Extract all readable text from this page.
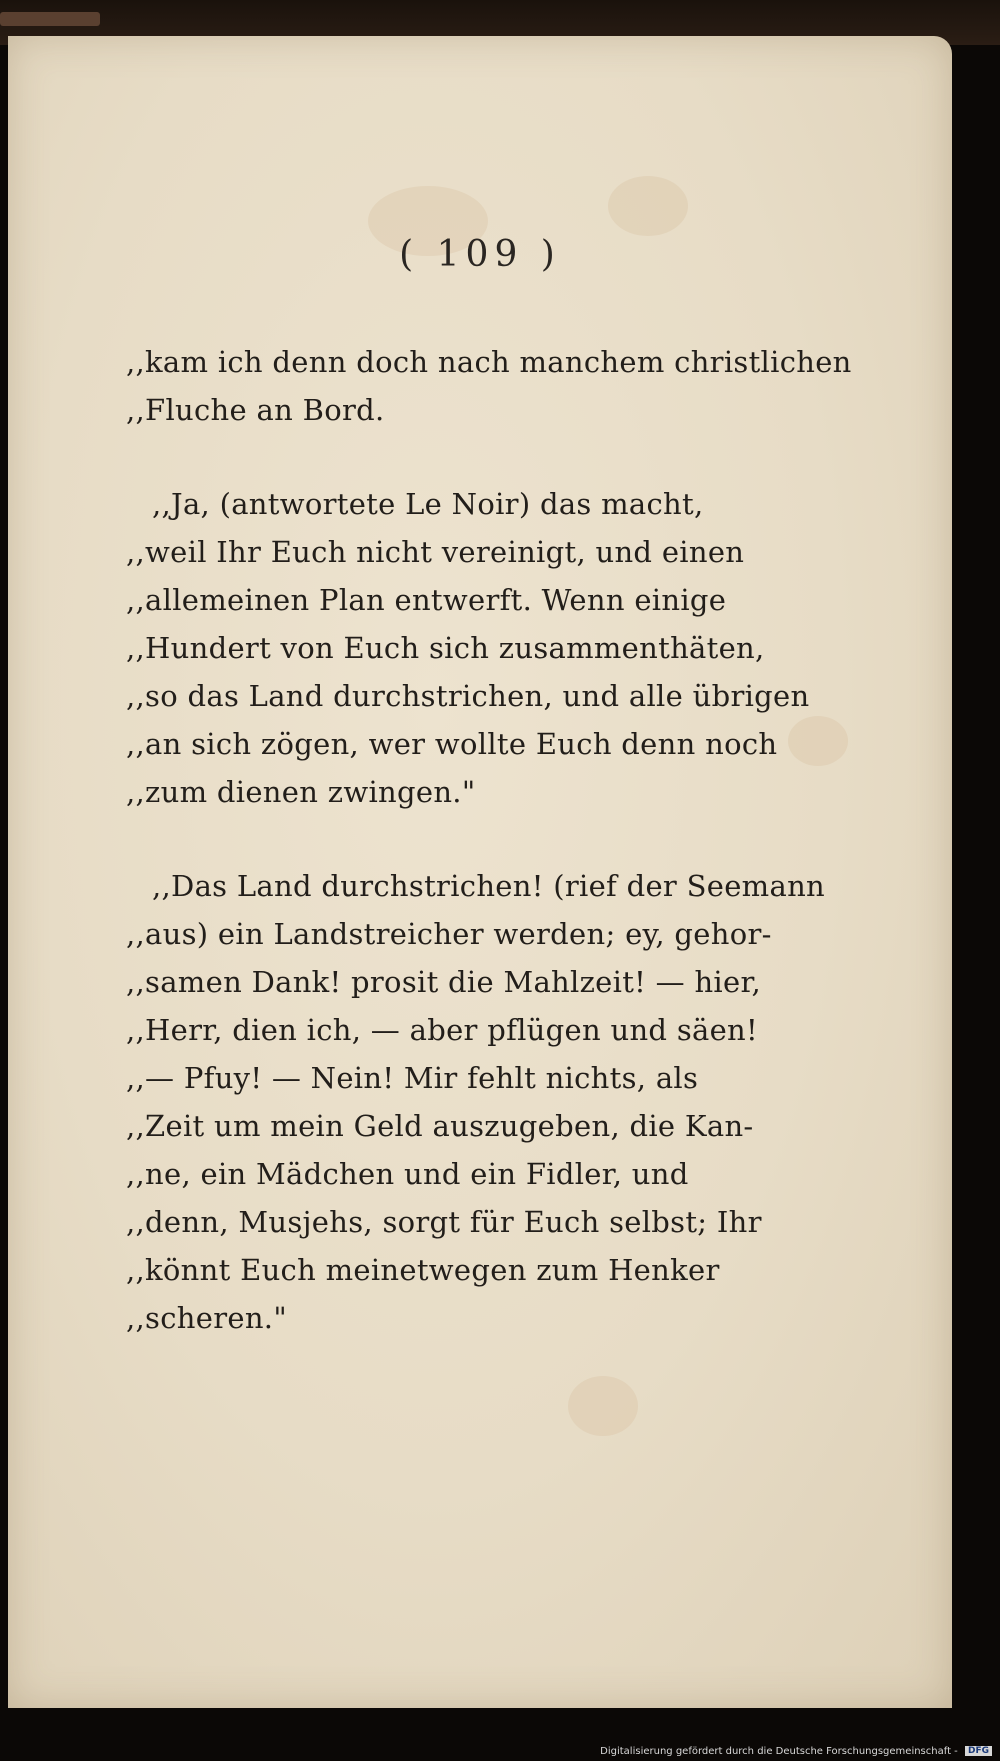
( 109 )
,,kam ich denn doch nach manchem christlichen
,,Fluche an Bord.
,,Ja, (antwortete Le Noir) das macht,
,,weil Ihr Euch nicht vereinigt, und einen
,,allemeinen Plan entwerft. Wenn einige
,,Hundert von Euch sich zusammenthäten,
,,so das Land durchstrichen, und alle übrigen
,,an sich zögen, wer wollte Euch denn noch
,,zum dienen zwingen."
,,Das Land durchstrichen! (rief der Seemann
,,aus) ein Landstreicher werden; ey, gehor-
,,samen Dank! prosit die Mahlzeit! — hier,
,,Herr, dien ich, — aber pflügen und säen!
,,— Pfuy! — Nein! Mir fehlt nichts, als
,,Zeit um mein Geld auszugeben, die Kan-
,,ne, ein Mädchen und ein Fidler, und
,,denn, Musjehs, sorgt für Euch selbst; Ihr
,,könnt Euch meinetwegen zum Henker
,,scheren."
Digitalisierung gefördert durch die Deutsche Forschungsgemeinschaft - DFG
